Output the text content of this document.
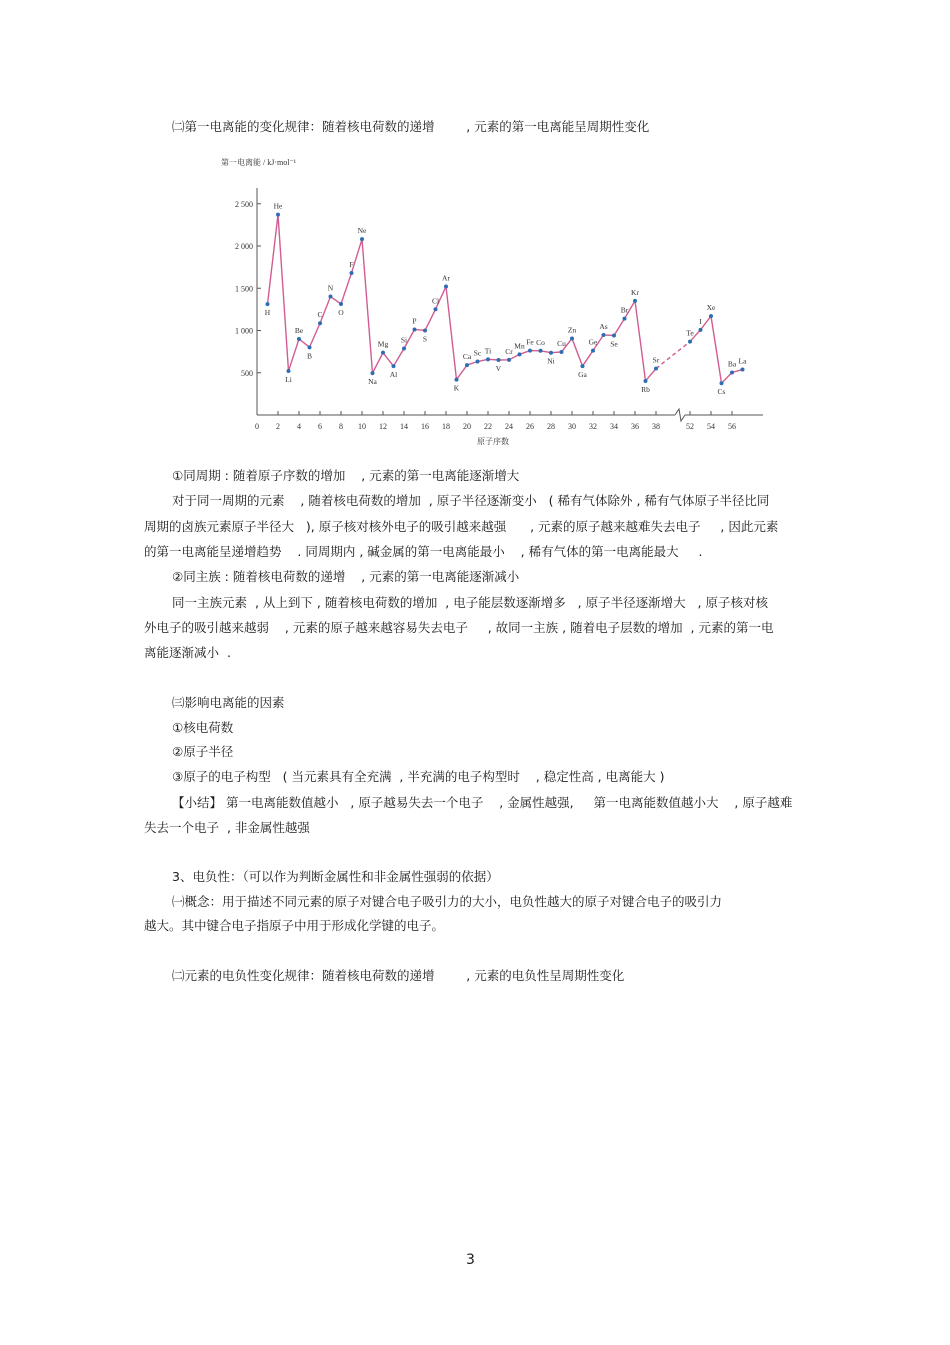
㈡第一电离能的变化规律：随着核电荷数的递增        , 元素的第一电离能呈周期性变化
第一电离能 / kJ·mol⁻¹
500
1 000
1 500
2 000
2 500
0 2 4 6 8 10 12 14 16 18 20 22 24 26 28 30 32 34 36 38	52 54 56
H
He
Li
Be
B
C
N
O
F
Ne
Na
Mg
Al
Si
P
S
Cl
Ar
K
Ca Sc Ti
V
Cr
Mn Fe Co
Ni
Cu
Zn
Ga
Ge
As
Se
Br
Kr
Rb
Sr
Te
I
Xe
Cs
Ba La
原子序数
①同周期 : 随着原子序数的增加    , 元素的第一电离能逐渐增大
对于同一周期的元素    , 随着核电荷数的增加  , 原子半径逐渐变小   ( 稀有气体除外 , 稀有气体原子半径比同
周期的卤族元素原子半径大   ), 原子核对核外电子的吸引越来越强      , 元素的原子越来越难失去电子     , 因此元素
的第一电离能呈递增趋势    . 同周期内 , 碱金属的第一电离能最小    , 稀有气体的第一电离能最大     .
②同主族 : 随着核电荷数的递增    , 元素的第一电离能逐渐减小
同一主族元素  , 从上到下 , 随着核电荷数的增加  , 电子能层数逐渐增多   , 原子半径逐渐增大   , 原子核对核
外电子的吸引越来越弱    , 元素的原子越来越容易失去电子     , 故同一主族 , 随着电子层数的增加  , 元素的第一电
离能逐渐减小  .
㈢影响电离能的因素
①核电荷数
②原子半径
③原子的电子构型   ( 当元素具有全充满  , 半充满的电子构型时    , 稳定性高 , 电离能大 )
【小结】 第一电离能数值越小   , 原子越易失去一个电子    , 金属性越强,     第一电离能数值越小大    , 原子越难
失去一个电子  , 非金属性越强
3、电负性：（可以作为判断金属性和非金属性强弱的依据）
㈠概念：用于描述不同元素的原子对键合电子吸引力的大小，电负性越大的原子对键合电子的吸引力
越大。其中键合电子指原子中用于形成化学键的电子。
㈡元素的电负性变化规律：随着核电荷数的递增        , 元素的电负性呈周期性变化
3
